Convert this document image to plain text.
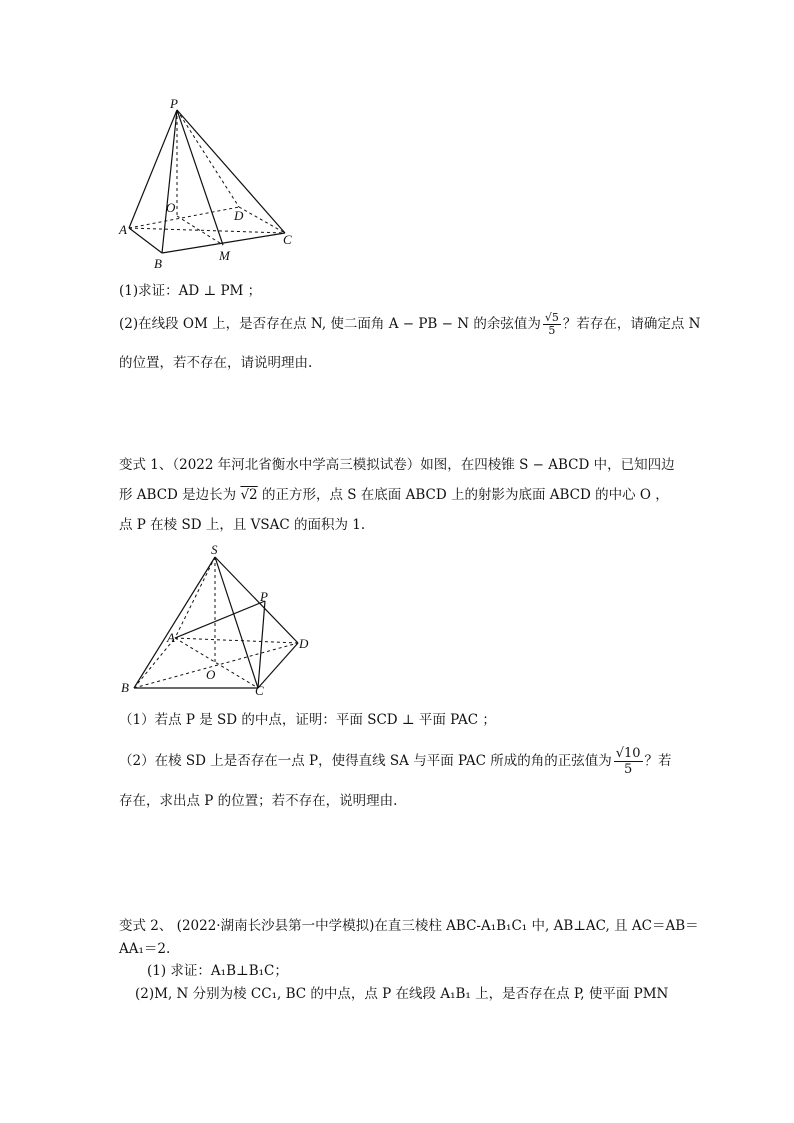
P
O
D
A
C
B
M
(1)求证：AD ⊥ PM ；
(2)在线段 OM 上，是否存在点 N, 使二面角 A − PB − N 的余弦值为 $\frac{√5}{5}$ ？若存在，请确定点 N
的位置，若不存在，请说明理由.
变式 1、（2022 年河北省衡水中学高三模拟试卷）如图，在四棱锥 S − ABCD 中，已知四边
形 ABCD 是边长为 √2 的正方形，点 S 在底面 ABCD 上的射影为底面 ABCD 的中心 O ，
点 P 在棱 SD 上，且 VSAC 的面积为 1.
S
P
A	D
O
B	C
（1）若点 P 是 SD 的中点，证明：平面 SCD ⊥ 平面 PAC ；
（2）在棱 SD 上是否存在一点 P，使得直线 SA 与平面 PAC 所成的角的正弦值为 $\frac{√10}{5}$ ？若
存在，求出点 P 的位置；若不存在，说明理由.
变式 2、 (2022·湖南长沙县第一中学模拟)在直三棱柱 ABC-A₁B₁C₁ 中, AB⊥AC, 且 AC＝AB＝
AA₁＝2.
(1) 求证：A₁B⊥B₁C；
(2)M, N 分别为棱 CC₁, BC 的中点，点 P 在线段 A₁B₁ 上，是否存在点 P, 使平面 PMN
